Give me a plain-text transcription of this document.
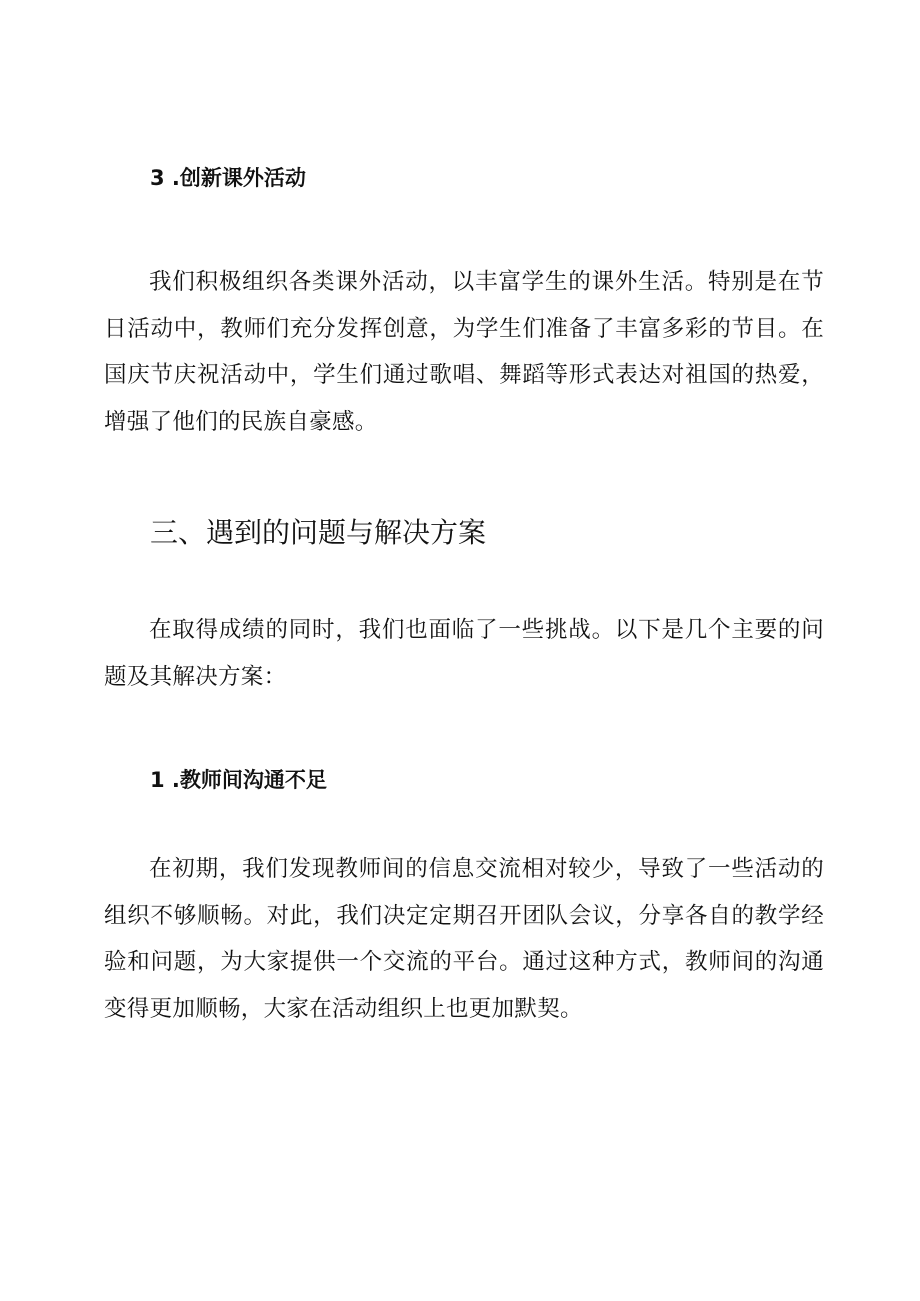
3 .创新课外活动

我们积极组织各类课外活动，以丰富学生的课外生活。特别是在节日活动中，教师们充分发挥创意，为学生们准备了丰富多彩的节目。在国庆节庆祝活动中，学生们通过歌唱、舞蹈等形式表达对祖国的热爱，增强了他们的民族自豪感。

三、遇到的问题与解决方案

在取得成绩的同时，我们也面临了一些挑战。以下是几个主要的问题及其解决方案：

1 .教师间沟通不足

在初期，我们发现教师间的信息交流相对较少，导致了一些活动的组织不够顺畅。对此，我们决定定期召开团队会议，分享各自的教学经验和问题，为大家提供一个交流的平台。通过这种方式，教师间的沟通变得更加顺畅，大家在活动组织上也更加默契。
